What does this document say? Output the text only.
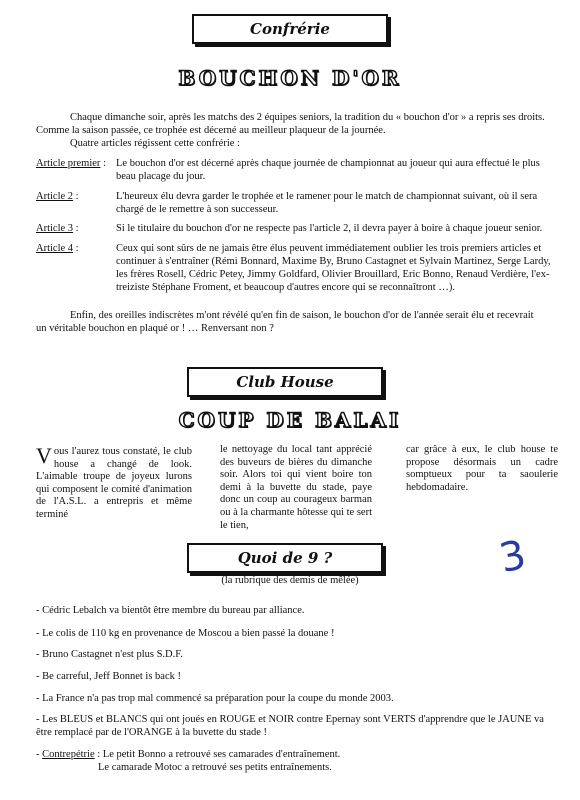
Confrérie
BOUCHON D'OR
Chaque dimanche soir, après les matchs des 2 équipes seniors, la tradition du « bouchon d'or » a repris ses droits.
Comme la saison passée, ce trophée est décerné au meilleur plaqueur de la journée.
Quatre articles régissent cette confrérie :
Article premier : Le bouchon d'or est décerné après chaque journée de championnat au joueur qui aura effectué le plus beau placage du jour.
Article 2 :	L'heureux élu devra garder le trophée et le ramener pour le match de championnat suivant, où il sera chargé de le remettre à son successeur.
Article 3 :	Si le titulaire du bouchon d'or ne respecte pas l'article 2, il devra payer à boire à chaque joueur senior.
Article 4 :	Ceux qui sont sûrs de ne jamais être élus peuvent immédiatement oublier les trois premiers articles et continuer à s'entraîner (Rémi Bonnard, Maxime By, Bruno Castagnet et Sylvain Martinez, Serge Lardy, les frères Rosell, Cédric Petey, Jimmy Goldfard, Olivier Brouillard, Eric Bonno, Renaud Verdière, l'ex-treiziste Stéphane Froment, et beaucoup d'autres encore qui se reconnaîtront …).
Enfin, des oreilles indiscrètes m'ont révélé qu'en fin de saison, le bouchon d'or de l'année serait élu et recevrait un véritable bouchon en plaqué or ! … Renversant non ?
Club House
COUP DE BALAI
Vous l'aurez tous constaté, le club house a changé de look. L'aimable troupe de joyeux lurons qui composent le comité d'animation de l'A.S.L. a entrepris et même terminé
le nettoyage du local tant apprécié des buveurs de bières du dimanche soir. Alors toi qui vient boire ton demi à la buvette du stade, paye donc un coup au courageux barman ou à la charmante hôtesse qui te sert le tien,
car grâce à eux, le club house te propose désormais un cadre somptueux pour ta saoulerie hebdomadaire.
Quoi de 9 ?
(la rubrique des demis de mêlée)
- Cédric Lebalch va bientôt être membre du bureau par alliance.
- Le colis de 110 kg en provenance de Moscou a bien passé la douane !
- Bruno Castagnet n'est plus S.D.F.
- Be carreful, Jeff Bonnet is back !
- La France n'a pas trop mal commencé sa préparation pour la coupe du monde 2003.
- Les BLEUS et BLANCS qui ont joués en ROUGE et NOIR contre Epernay sont VERTS d'apprendre que le JAUNE va être remplacé par de l'ORANGE à la buvette du stade !
- Contrepétrie : Le petit Bonno a retrouvé ses camarades d'entraînement.
Le camarade Motoc a retrouvé ses petits entraînements.
3
